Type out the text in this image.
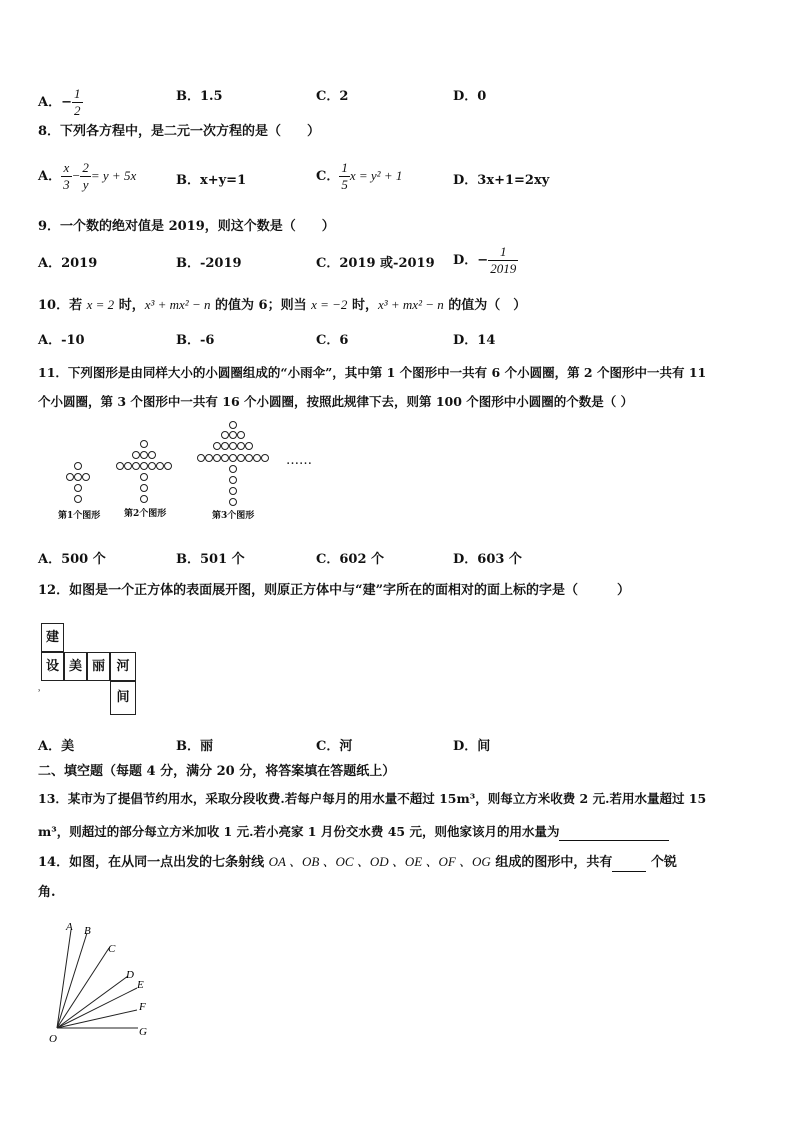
A．− $\frac{1}{2}$	B．1.5	C．2	D．0
8．下列各方程中，是二元一次方程的是（　　）
A． $\frac{x}{3} - \frac{2}{y} = y + 5x$	B．x+y=1	C． $\frac{1}{5}$ x = y² + 1	D．3x+1=2xy
9．一个数的绝对值是 2019，则这个数是（　　）
A．2019	B．-2019	C．2019 或-2019 D．− $\frac{1}{2019}$
10．若 x = 2 时，x³ + mx² − n 的值为 6；则当 x = −2 时，x³ + mx² − n 的值为（　）
A．-10	B．-6	C．6	D．14
11．下列图形是由同样大小的小圆圈组成的“小雨伞”，其中第 1 个图形中一共有 6 个小圆圈，第 2 个图形中一共有 11
个小圆圈，第 3 个图形中一共有 16 个小圆圈，按照此规律下去，则第 100 个图形中小圆圈的个数是（ ）
……
第1个图形	第2个图形	第3个图形
A．500 个	B．501 个	C．602 个	D．603 个
12．如图是一个正方体的表面展开图，则原正方体中与“建”字所在的面相对的面上标的字是（　　　）
建
设 美 丽 河
间
˒
A．美	B．丽	C．河	D．间
二、填空题（每题 4 分，满分 20 分，将答案填在答题纸上）
13．某市为了提倡节约用水，采取分段收费.若每户每月的用水量不超过 15m³，则每立方米收费 2 元.若用水量超过 15
m³，则超过的部分每立方米加收 1 元.若小亮家 1 月份交水费 45 元，则他家该月的用水量为
14．如图，在从同一点出发的七条射线 OA 、OB 、OC 、OD 、OE 、OF 、OG 组成的图形中，共有	个锐
角.
A B
C
D
E
F
G
O
